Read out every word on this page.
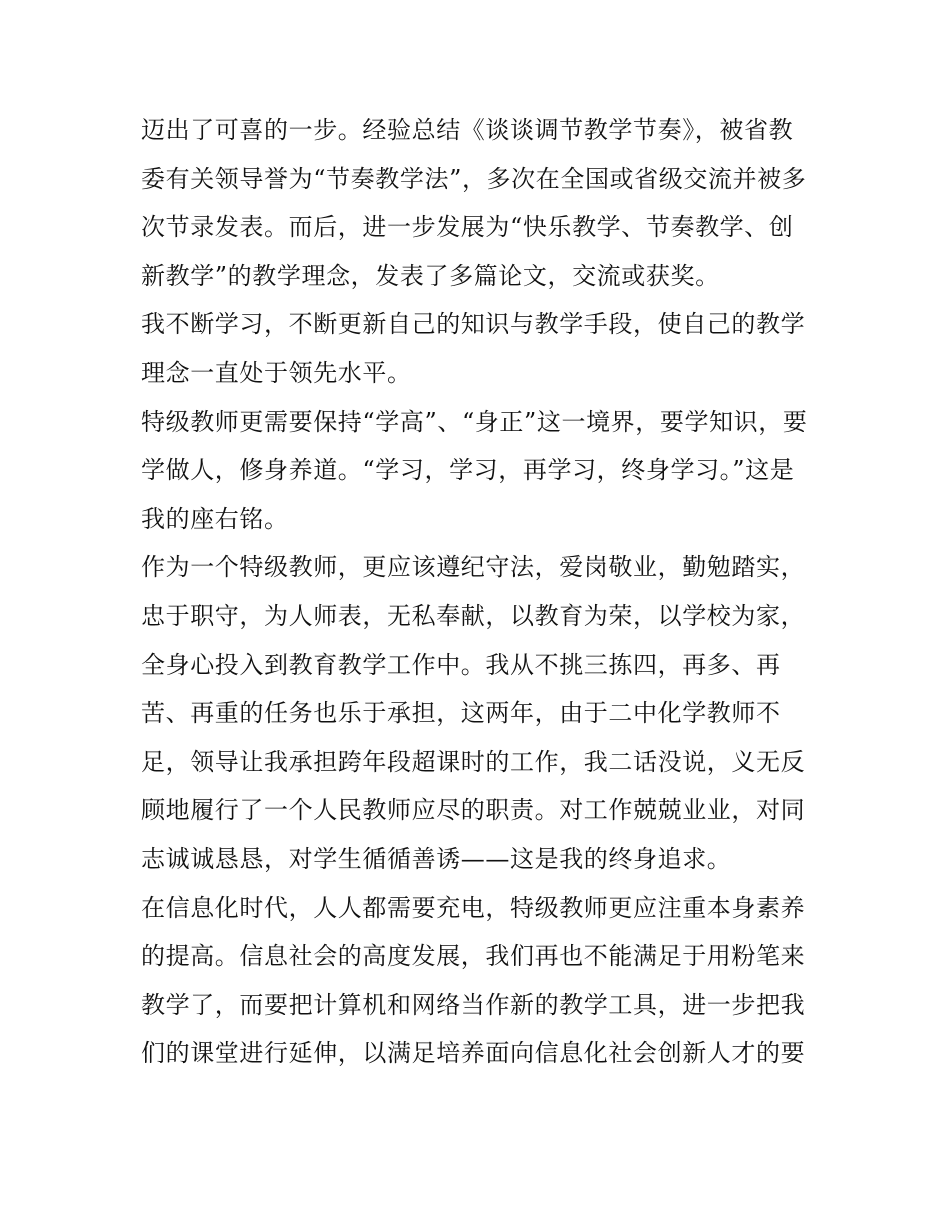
迈出了可喜的一步。经验总结《谈谈调节教学节奏》，被省教
委有关领导誉为“节奏教学法”，多次在全国或省级交流并被多
次节录发表。而后，进一步发展为“快乐教学、节奏教学、创
新教学”的教学理念，发表了多篇论文，交流或获奖。
我不断学习，不断更新自己的知识与教学手段，使自己的教学
理念一直处于领先水平。
特级教师更需要保持“学高”、“身正”这一境界，要学知识，要
学做人，修身养道。“学习，学习，再学习，终身学习。”这是
我的座右铭。
作为一个特级教师，更应该遵纪守法，爱岗敬业，勤勉踏实，
忠于职守，为人师表，无私奉献，以教育为荣，以学校为家，
全身心投入到教育教学工作中。我从不挑三拣四，再多、再
苦、再重的任务也乐于承担，这两年，由于二中化学教师不
足，领导让我承担跨年段超课时的工作，我二话没说，义无反
顾地履行了一个人民教师应尽的职责。对工作兢兢业业，对同
志诚诚恳恳，对学生循循善诱——这是我的终身追求。
在信息化时代，人人都需要充电，特级教师更应注重本身素养
的提高。信息社会的高度发展，我们再也不能满足于用粉笔来
教学了，而要把计算机和网络当作新的教学工具，进一步把我
们的课堂进行延伸，以满足培养面向信息化社会创新人才的要
